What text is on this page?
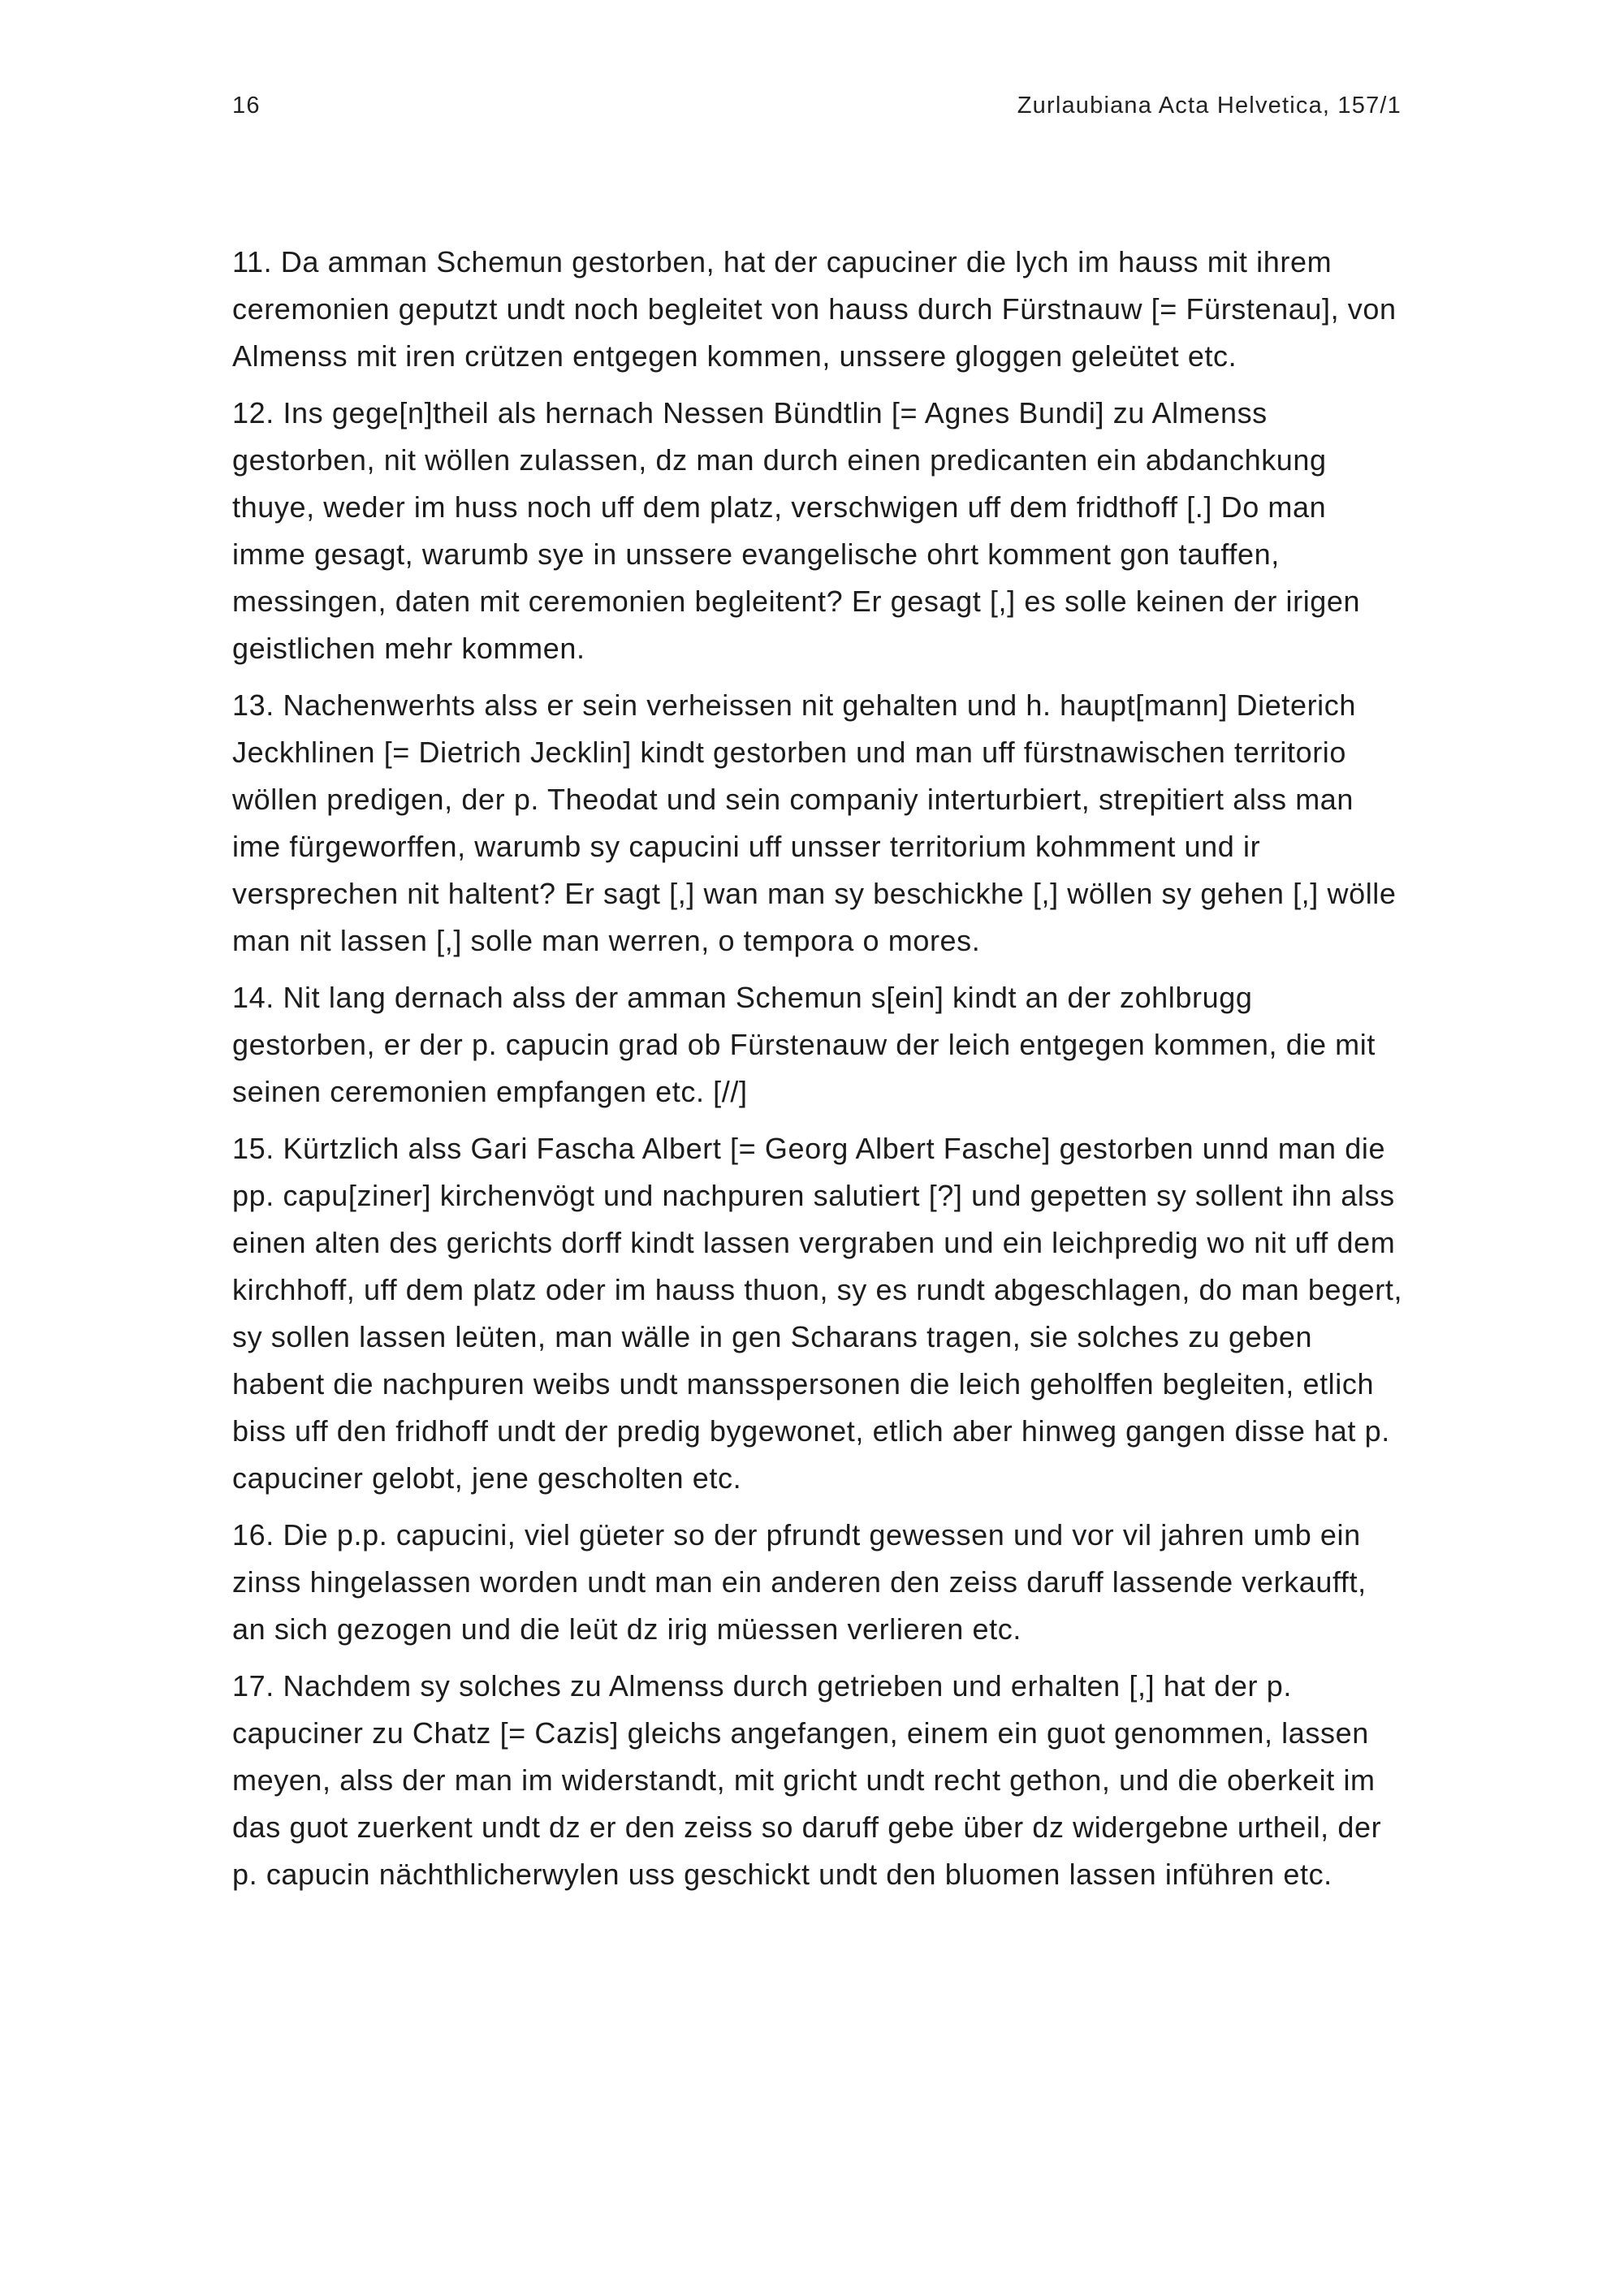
16	Zurlaubiana Acta Helvetica, 157/1

11. Da amman Schemun gestorben, hat der capuciner die lych im hauss mit ihrem ceremonien geputzt undt noch begleitet von hauss durch Fürstnauw [= Fürstenau], von Almenss mit iren crützen entgegen kommen, unssere gloggen geleütet etc.

12. Ins gege[n]theil als hernach Nessen Bündtlin [= Agnes Bundi] zu Almenss gestorben, nit wöllen zulassen, dz man durch einen predicanten ein abdanchkung thuye, weder im huss noch uff dem platz, verschwigen uff dem fridthoff [.] Do man imme gesagt, warumb sye in unssere evangelische ohrt komment gon tauffen, messingen, daten mit ceremonien begleitent? Er gesagt [,] es solle keinen der irigen geistlichen mehr kommen.

13. Nachenwerhts alss er sein verheissen nit gehalten und h. haupt[mann] Dieterich Jeckhlinen [= Dietrich Jecklin] kindt gestorben und man uff fürstnawischen territorio wöllen predigen, der p. Theodat und sein companiy interturbiert, strepitiert alss man ime fürgeworffen, warumb sy capucini uff unsser territorium kohmment und ir versprechen nit haltent? Er sagt [,] wan man sy beschickhe [,] wöllen sy gehen [,] wölle man nit lassen [,] solle man werren, o tempora o mores.

14. Nit lang dernach alss der amman Schemun s[ein] kindt an der zohlbrugg gestorben, er der p. capucin grad ob Fürstenauw der leich entgegen kommen, die mit seinen ceremonien empfangen etc. [//]

15. Kürtzlich alss Gari Fascha Albert [= Georg Albert Fasche] gestorben unnd man die pp. capu[ziner] kirchenvögt und nachpuren salutiert [?] und gepetten sy sollent ihn alss einen alten des gerichts dorff kindt lassen vergraben und ein leichpredig wo nit uff dem kirchhoff, uff dem platz oder im hauss thuon, sy es rundt abgeschlagen, do man begert, sy sollen lassen leüten, man wälle in gen Scharans tragen, sie solches zu geben habent die nachpuren weibs undt mansspersonen die leich geholffen begleiten, etlich biss uff den fridhoff undt der predig bygewonet, etlich aber hinweg gangen disse hat p. capuciner gelobt, jene gescholten etc.

16. Die p.p. capucini, viel güeter so der pfrundt gewessen und vor vil jahren umb ein zinss hingelassen worden undt man ein anderen den zeiss daruff lassende verkaufft, an sich gezogen und die leüt dz irig müessen verlieren etc.

17. Nachdem sy solches zu Almenss durch getrieben und erhalten [,] hat der p. capuciner zu Chatz [= Cazis] gleichs angefangen, einem ein guot genommen, lassen meyen, alss der man im widerstandt, mit gricht undt recht gethon, und die oberkeit im das guot zuerkent undt dz er den zeiss so daruff gebe über dz widergebne urtheil, der p. capucin nächthlicherwylen uss geschickt undt den bluomen lassen inführen etc.
